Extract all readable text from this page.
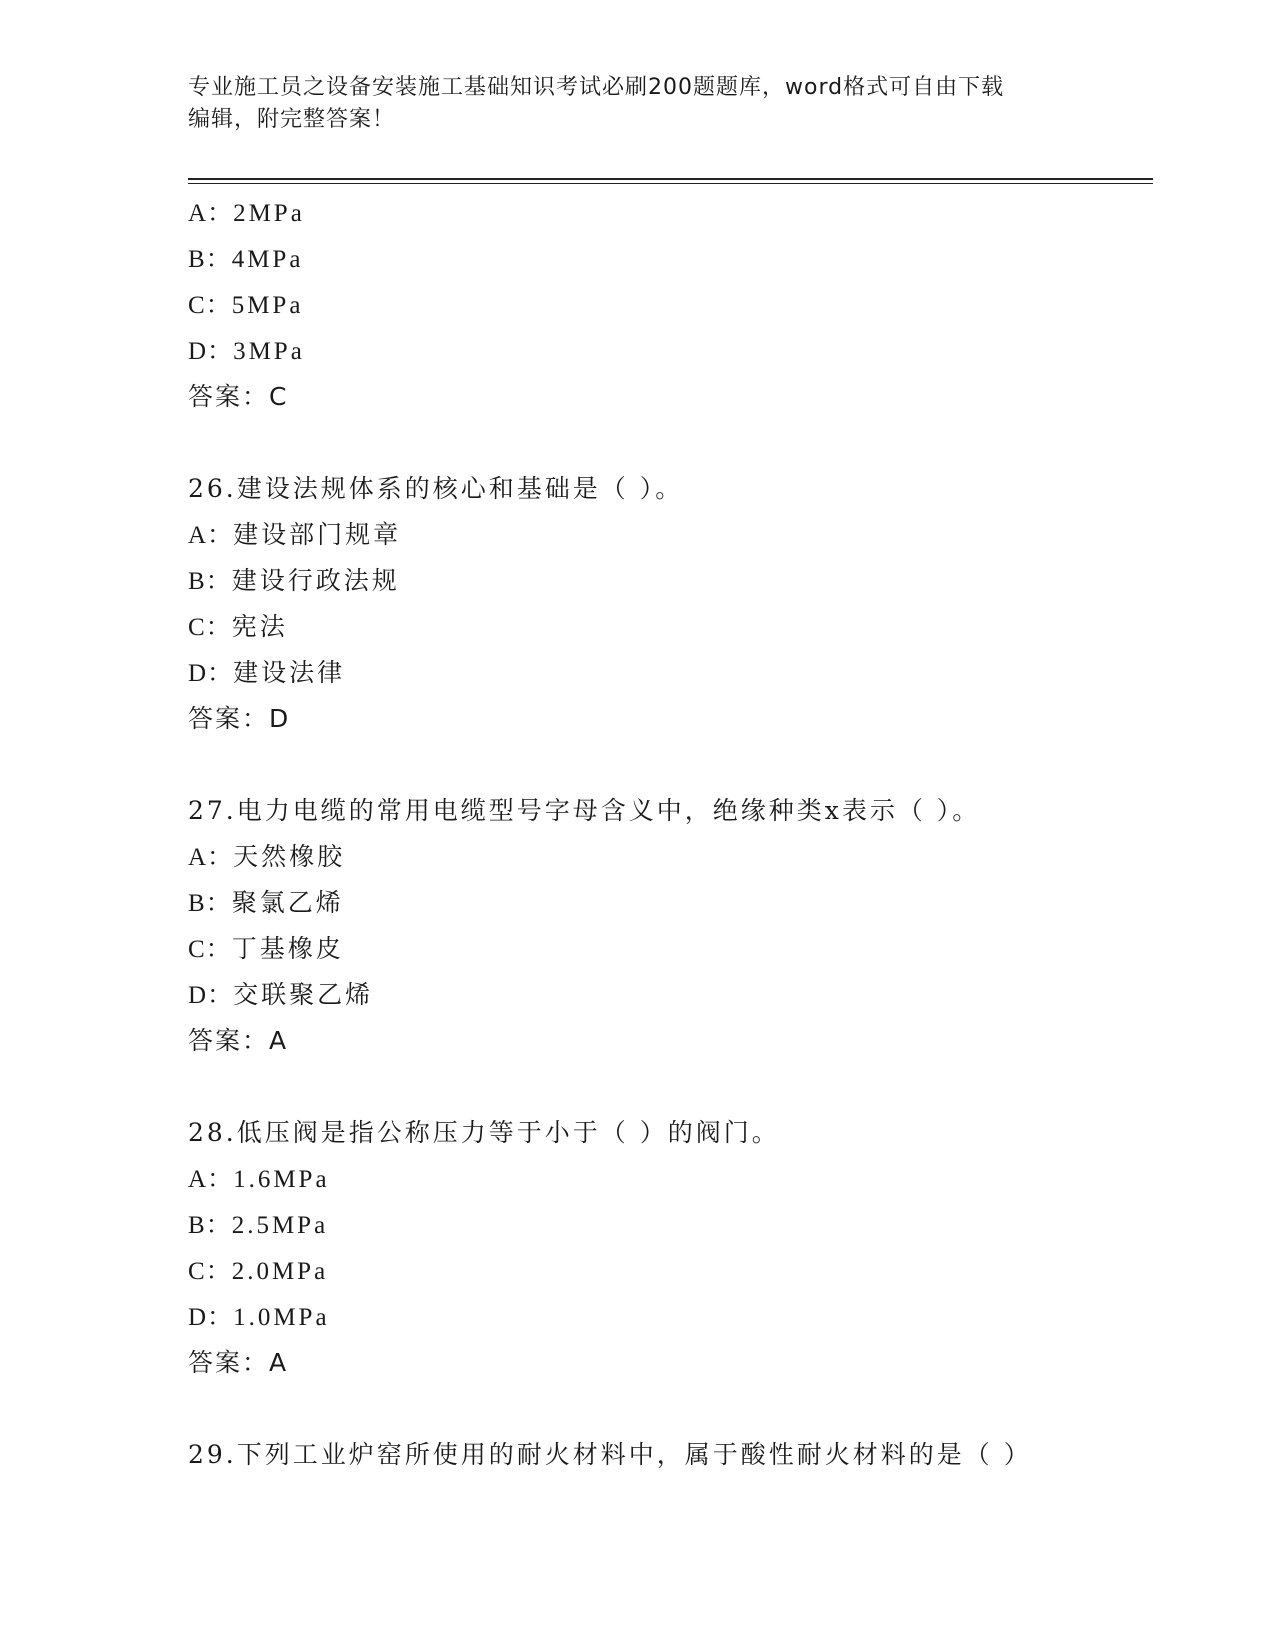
专业施工员之设备安装施工基础知识考试必刷200题题库，word格式可自由下载
编辑，附完整答案！
A：2MPa
B：4MPa
C：5MPa
D：3MPa
答案：C
26.建设法规体系的核心和基础是（ ）。
A：建设部门规章
B：建设行政法规
C：宪法
D：建设法律
答案：D
27.电力电缆的常用电缆型号字母含义中，绝缘种类x表示（ ）。
A：天然橡胶
B：聚氯乙烯
C：丁基橡皮
D：交联聚乙烯
答案：A
28.低压阀是指公称压力等于小于（ ）的阀门。
A：1.6MPa
B：2.5MPa
C：2.0MPa
D：1.0MPa
答案：A
29.下列工业炉窑所使用的耐火材料中，属于酸性耐火材料的是（ ）
